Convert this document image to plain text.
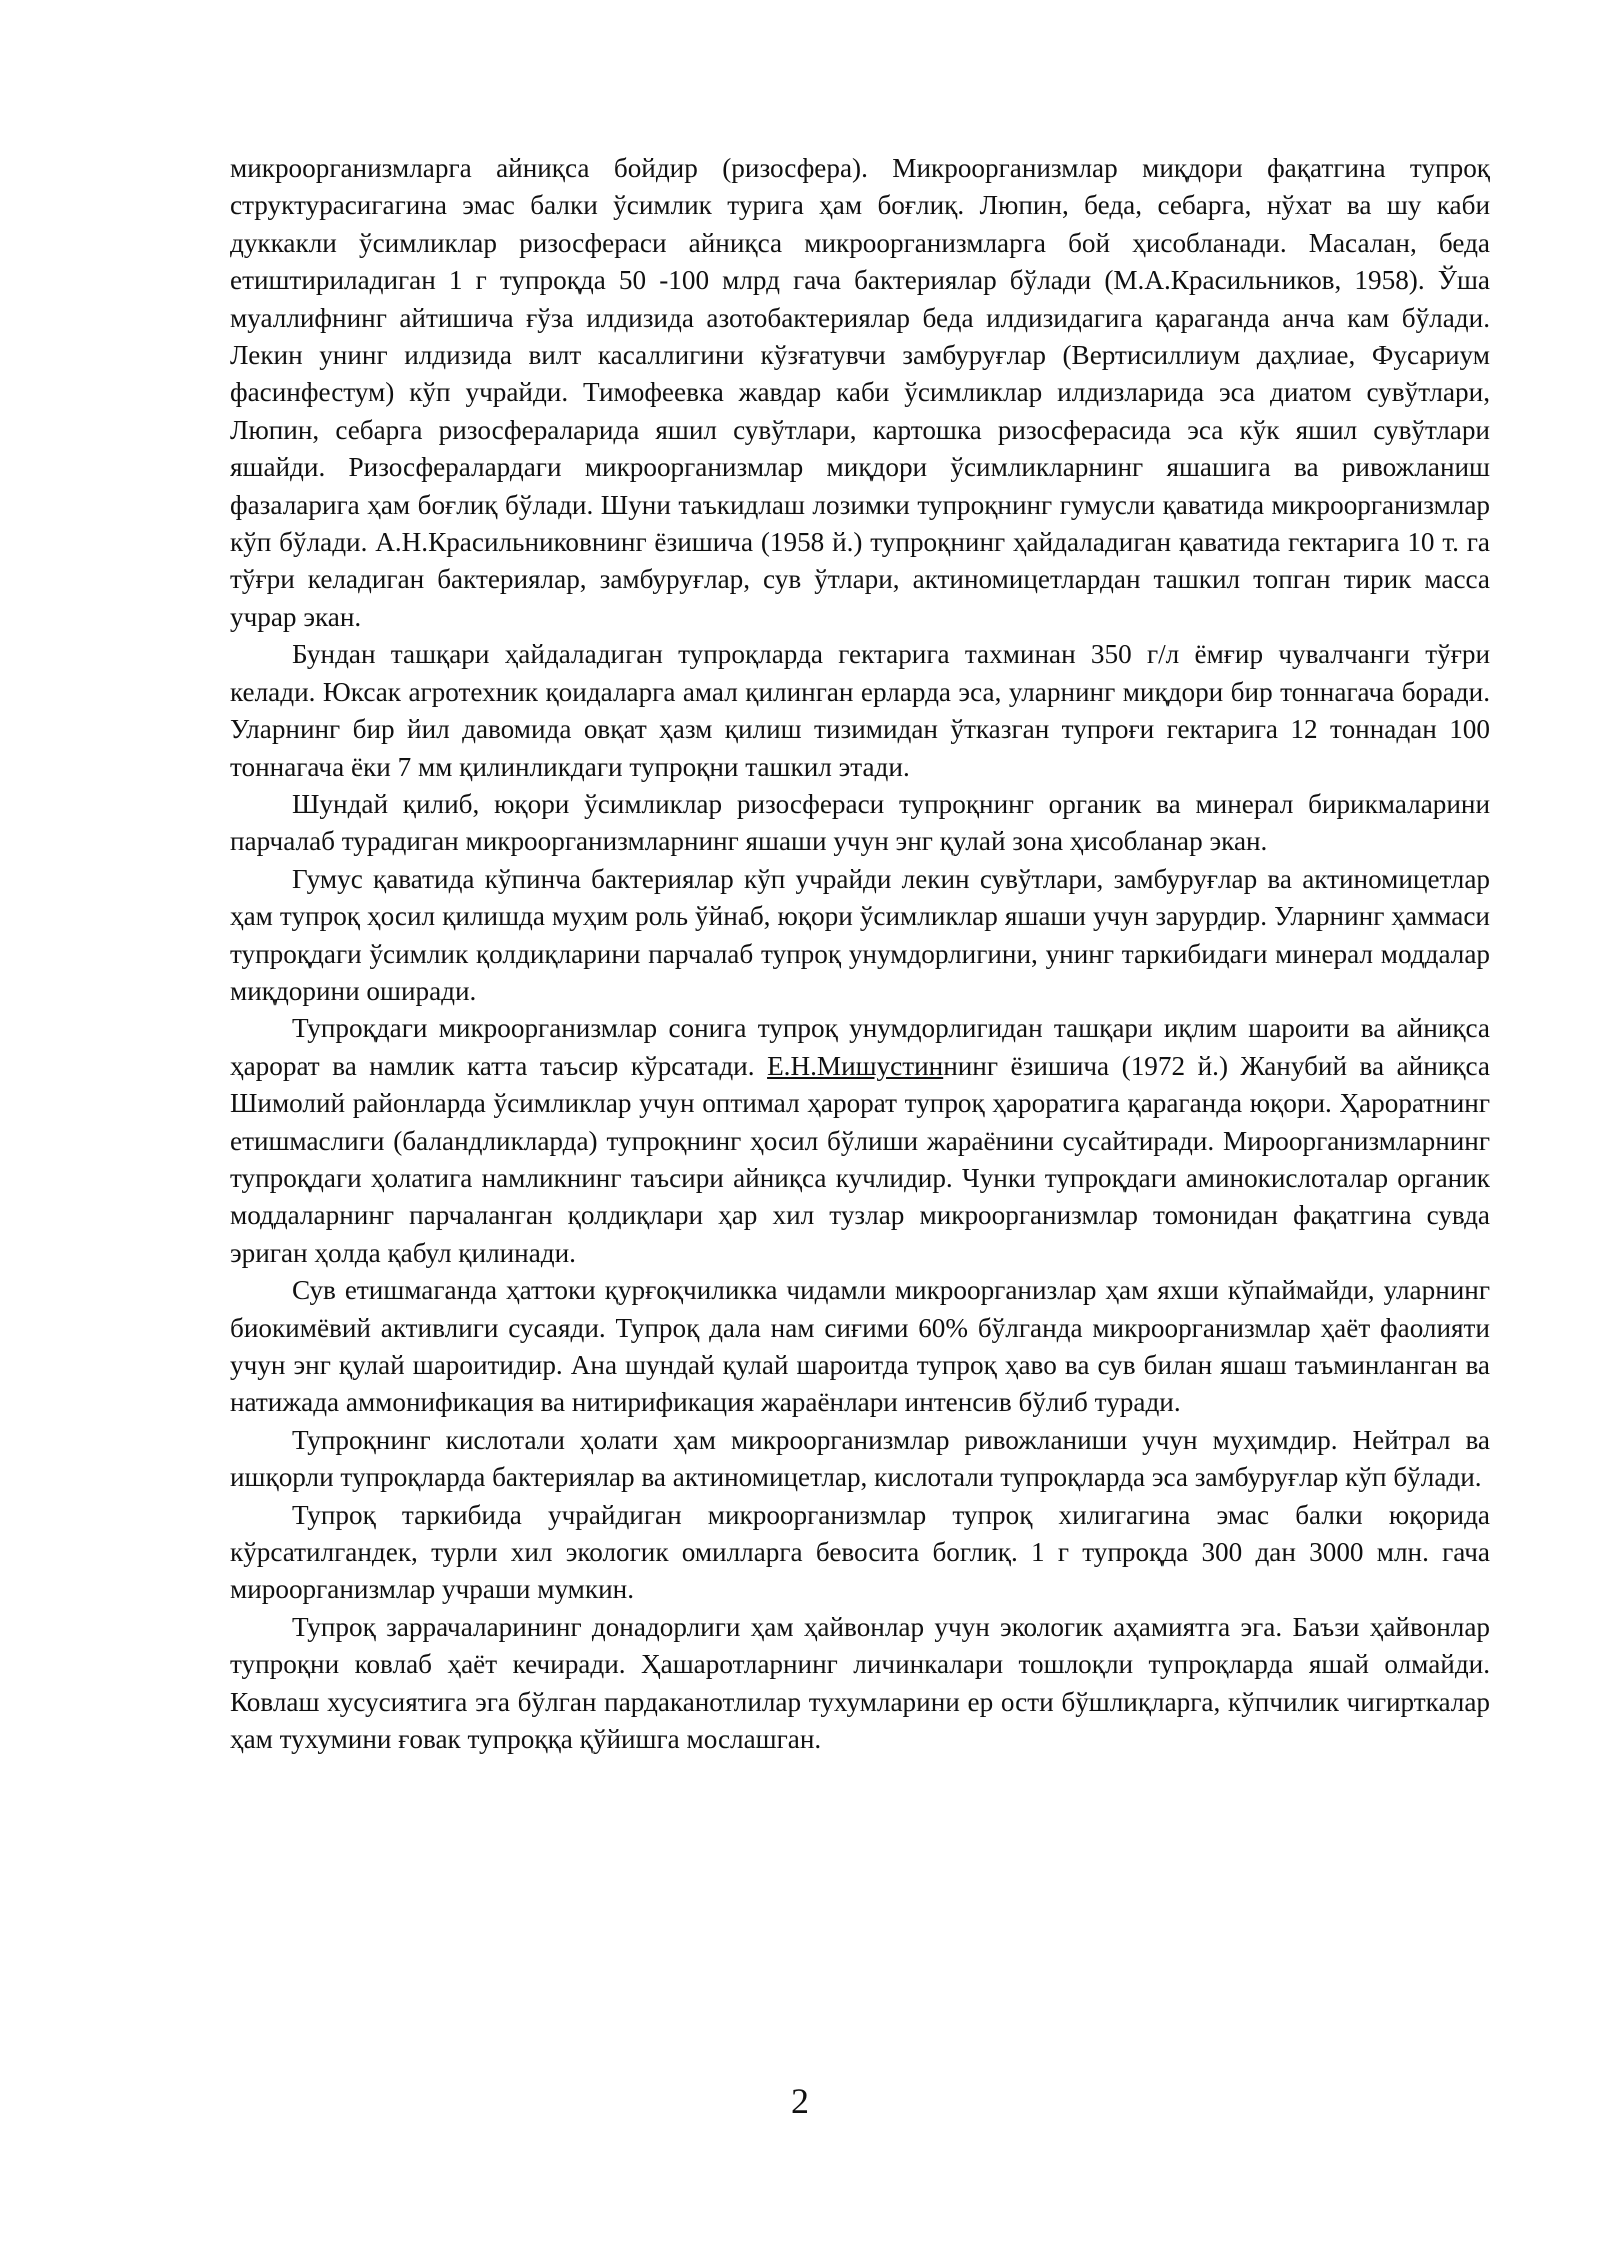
микроорганизмларга айниқса бойдир (ризосфера). Микроорганизмлар миқдори фақатгина тупроқ структурасигагина эмас балки ўсимлик турига ҳам боғлиқ. Люпин, беда, себарга, нўхат ва шу каби дуккакли ўсимликлар ризосфераси айниқса микроорганизмларга бой ҳисобланади. Масалан, беда етиштириладиган 1 г тупроқда 50 -100 млрд гача бактериялар бўлади (М.А.Красильников, 1958). Ўша муаллифнинг айтишича ғўза илдизида азотобактериялар беда илдизидагига қараганда анча кам бўлади. Лекин унинг илдизида вилт касаллигини кўзғатувчи замбуруғлар (Вертисиллиум даҳлиае, Фусариум фасинфестум) кўп учрайди. Тимофеевка жавдар каби ўсимликлар илдизларида эса диатом сувўтлари, Люпин, себарга ризосфераларида яшил сувўтлари, картошка ризосферасида эса кўк яшил сувўтлари яшайди. Ризосфералардаги микроорганизмлар миқдори ўсимликларнинг яшашига ва ривожланиш фазаларига ҳам боғлиқ бўлади. Шуни таъкидлаш лозимки тупроқнинг гумусли қаватида микроорганизмлар кўп бўлади. А.Н.Красильниковнинг ёзишича (1958 й.) тупроқнинг ҳайдаладиган қаватида гектарига 10 т. га тўғри келадиган бактериялар, замбуруғлар, сув ўтлари, актиномицетлардан ташкил топган тирик масса учрар экан.

Бундан ташқари ҳайдаладиган тупроқларда гектарига тахминан 350 г/л ёмғир чувалчанги тўғри келади. Юксак агротехник қоидаларга амал қилинган ерларда эса, уларнинг миқдори бир тоннагача боради. Уларнинг бир йил давомида овқат ҳазм қилиш тизимидан ўтказган тупроғи гектарига 12 тоннадан 100 тоннагача ёки 7 мм қилинликдаги тупроқни ташкил этади.

Шундай қилиб, юқори ўсимликлар ризосфераси тупроқнинг органик ва минерал бирикмаларини парчалаб турадиган микроорганизмларнинг яшаши учун энг қулай зона ҳисобланар экан.

Гумус қаватида кўпинча бактериялар кўп учрайди лекин сувўтлари, замбуруғлар ва актиномицетлар ҳам тупроқ ҳосил қилишда муҳим роль ўйнаб, юқори ўсимликлар яшаши учун зарурдир. Уларнинг ҳаммаси тупроқдаги ўсимлик қолдиқларини парчалаб тупроқ унумдорлигини, унинг таркибидаги минерал моддалар миқдорини оширади.

Тупроқдаги микроорганизмлар сонига тупроқ унумдорлигидан ташқари иқлим шароити ва айниқса ҳарорат ва намлик катта таъсир кўрсатади. Е.Н.Мишустиннинг ёзишича (1972 й.) Жанубий ва айниқса Шимолий районларда ўсимликлар учун оптимал ҳарорат тупроқ ҳароратига қараганда юқори. Ҳароратнинг етишмаслиги (баландликларда) тупроқнинг ҳосил бўлиши жараёнини сусайтиради. Мироорганизмларнинг тупроқдаги ҳолатига намликнинг таъсири айниқса кучлидир. Чунки тупроқдаги аминокислоталар органик моддаларнинг парчаланган қолдиқлари ҳар хил тузлар микроорганизмлар томонидан фақатгина сувда эриган ҳолда қабул қилинади.

Сув етишмаганда ҳаттоки қурғоқчиликка чидамли микроорганизлар ҳам яхши кўпаймайди, уларнинг биокимёвий активлиги сусаяди. Тупроқ дала нам сиғими 60% бўлганда микроорганизмлар ҳаёт фаолияти учун энг қулай шароитидир. Ана шундай қулай шароитда тупроқ ҳаво ва сув билан яшаш таъминланган ва натижада аммонификация ва нитирификация жараёнлари интенсив бўлиб туради.

Тупроқнинг кислотали ҳолати ҳам микроорганизмлар ривожланиши учун муҳимдир. Нейтрал ва ишқорли тупроқларда бактериялар ва актиномицетлар, кислотали тупроқларда эса замбуруғлар кўп бўлади.

Тупроқ таркибида учрайдиган микроорганизмлар тупроқ хилигагина эмас балки юқорида кўрсатилгандек, турли хил экологик омилларга бевосита боглиқ. 1 г тупроқда 300 дан 3000 млн. гача мироорганизмлар учраши мумкин.

Тупроқ заррачаларининг донадорлиги ҳам ҳайвонлар учун экологик аҳамиятга эга. Баъзи ҳайвонлар тупроқни ковлаб ҳаёт кечиради. Ҳашаротларнинг личинкалари тошлоқли тупроқларда яшай олмайди. Ковлаш хусусиятига эга бўлган пардаканотлилар тухумларини ер ости бўшлиқларга, кўпчилик чигирткалар ҳам тухумини ғовак тупроққа қўйишга мослашган.

2
